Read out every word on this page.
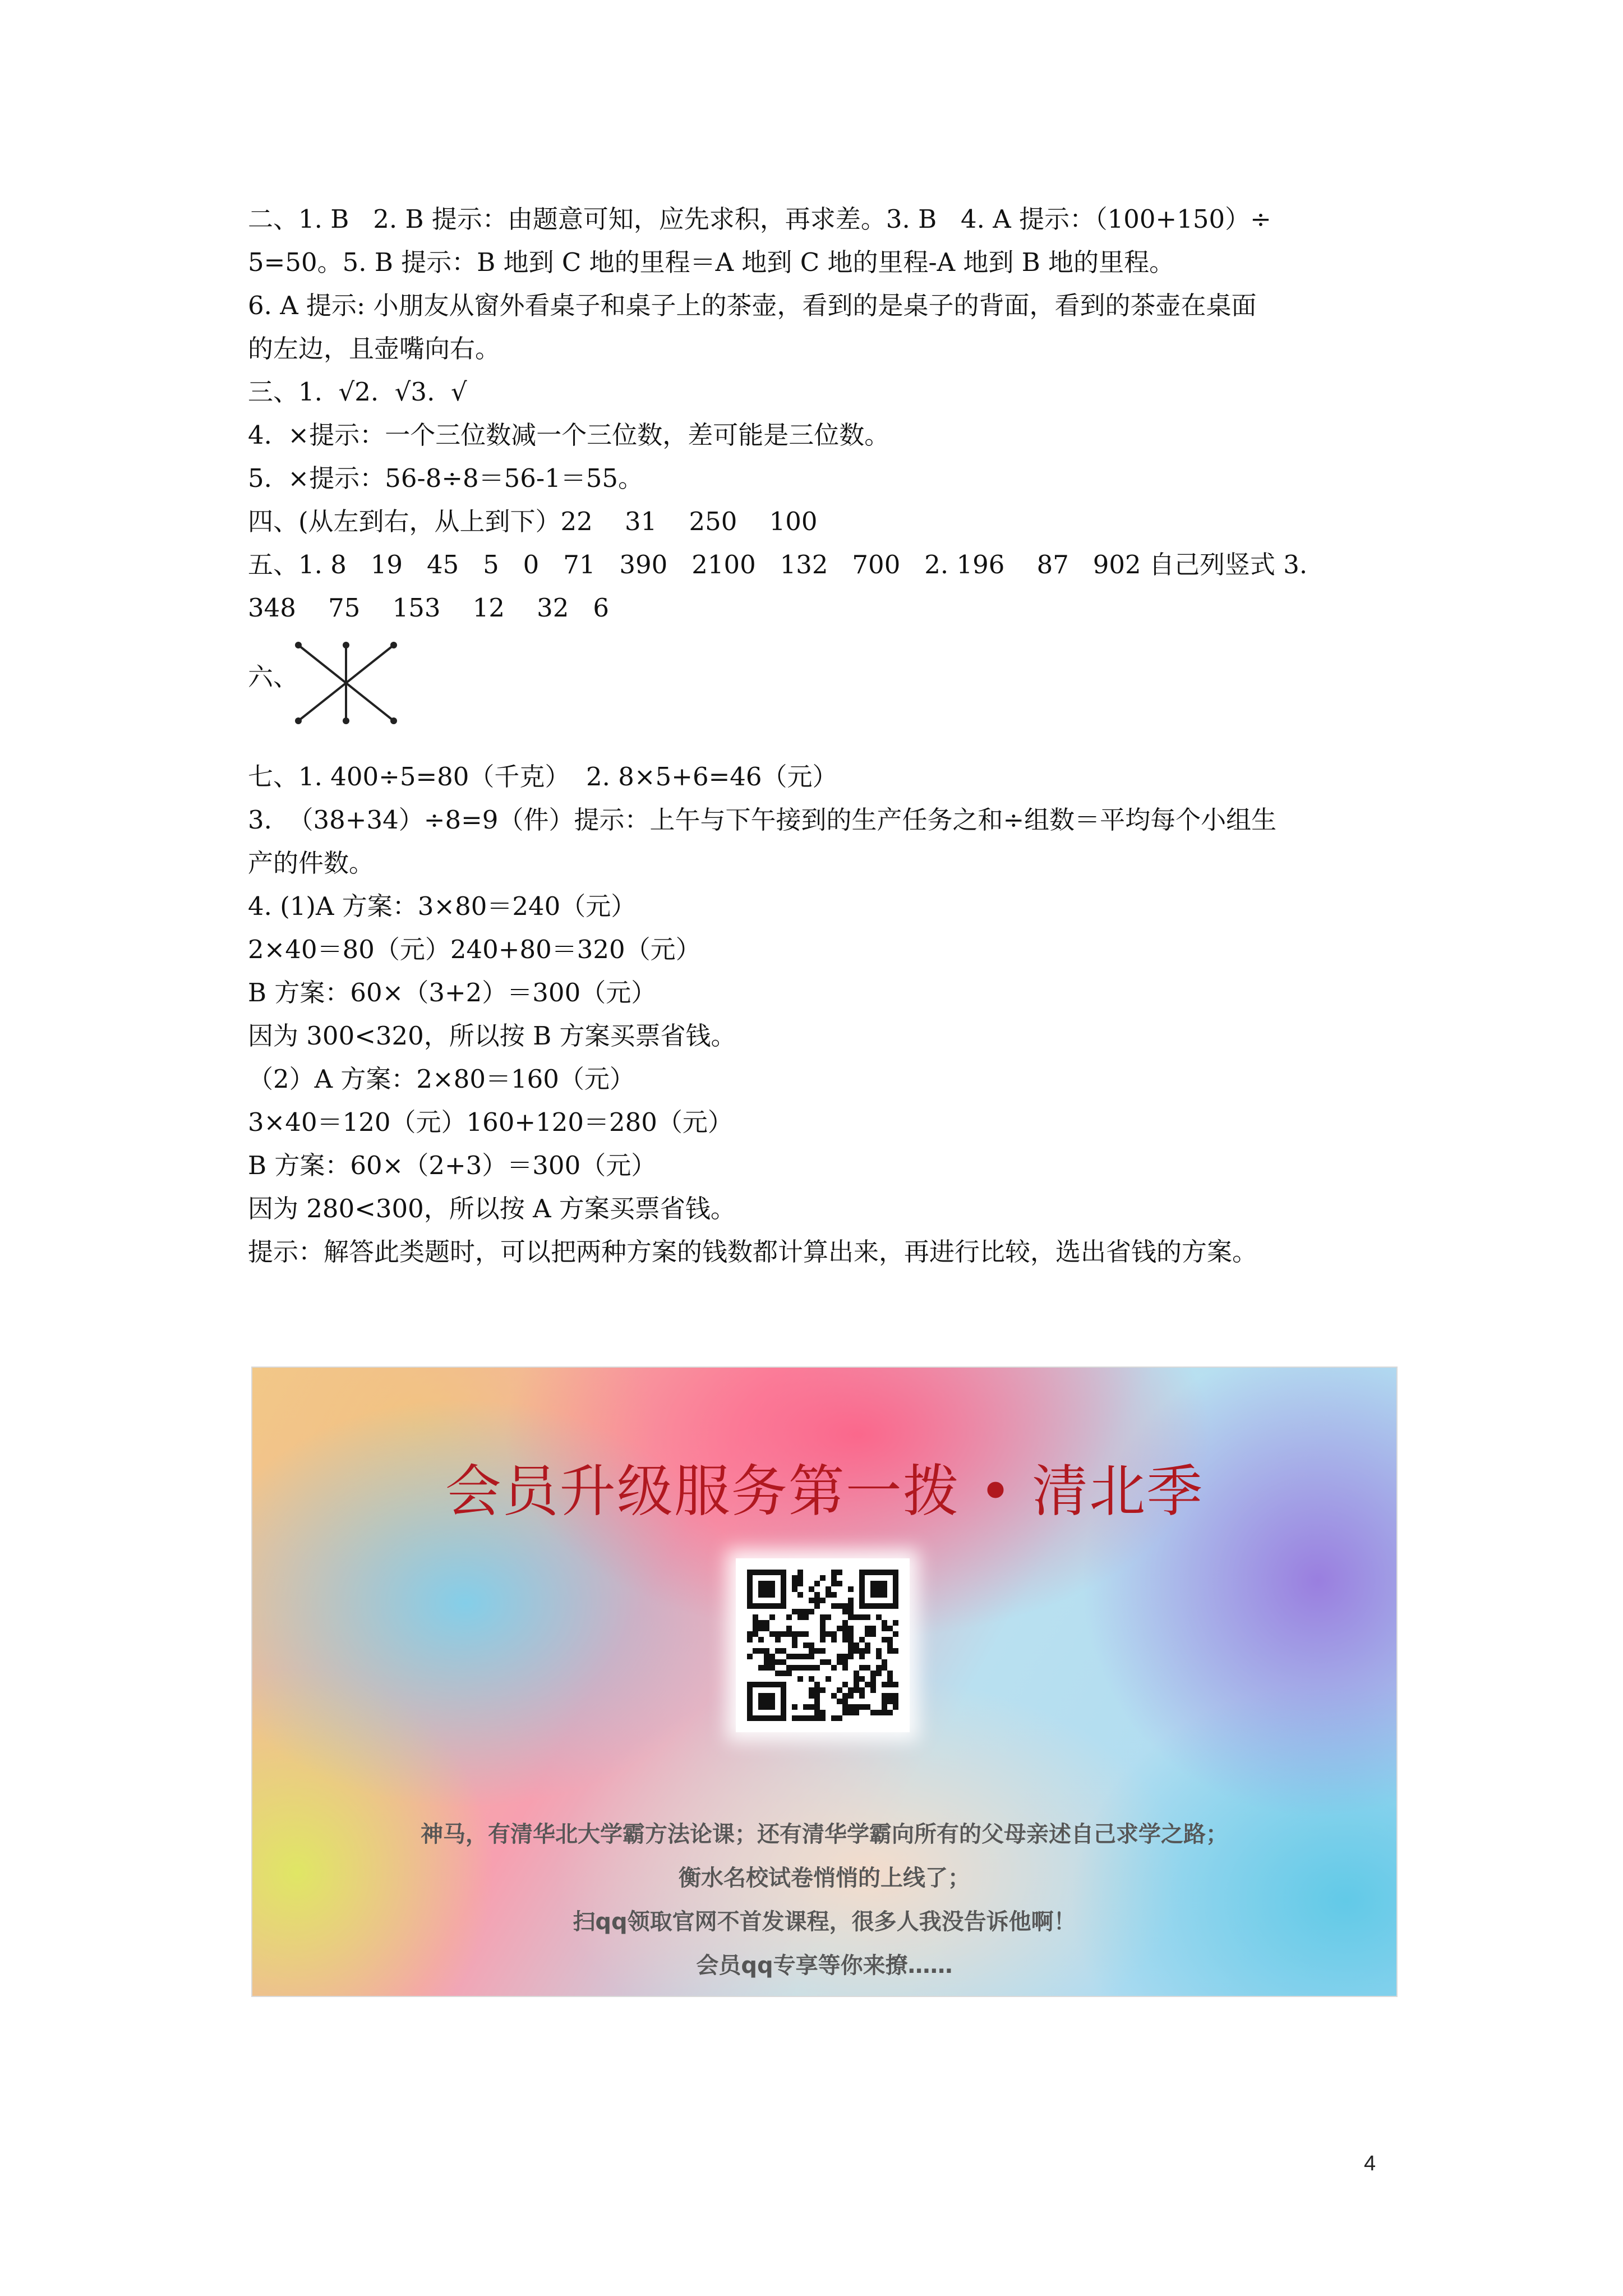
二、1. B   2. B 提示：由题意可知，应先求积，再求差。3. B   4. A 提示：（100+150）÷
5=50。5. B 提示：B 地到 C 地的里程＝A 地到 C 地的里程-A 地到 B 地的里程。
6. A 提示: 小朋友从窗外看桌子和桌子上的茶壶，看到的是桌子的背面，看到的茶壶在桌面
的左边，且壶嘴向右。
三、1.  √2.  √3.  √
4.  ×提示：一个三位数减一个三位数，差可能是三位数。
5.  ×提示：56-8÷8＝56-1＝55。
四、(从左到右，从上到下）22    31    250    100
五、1. 8   19   45   5   0   71   390   2100   132   700   2. 196    87   902 自己列竖式 3.
348    75    153    12    32   6
六、
七、1. 400÷5=80（千克）  2. 8×5+6=46（元）
3.  （38+34）÷8=9（件）提示：上午与下午接到的生产任务之和÷组数＝平均每个小组生
产的件数。
4. (1)A 方案：3×80＝240（元）
2×40＝80（元）240+80＝320（元）
B 方案：60×（3+2）＝300（元）
因为 300<320，所以按 B 方案买票省钱。
（2）A 方案：2×80＝160（元）
3×40＝120（元）160+120＝280（元）
B 方案：60×（2+3）＝300（元）
因为 280<300，所以按 A 方案买票省钱。
提示：解答此类题时，可以把两种方案的钱数都计算出来，再进行比较，选出省钱的方案。
会员升级服务第一拨 • 清北季
神马，有清华北大学霸方法论课；还有清华学霸向所有的父母亲述自己求学之路；
衡水名校试卷悄悄的上线了；
扫qq领取官网不首发课程，很多人我没告诉他啊！
会员qq专享等你来撩……
4
